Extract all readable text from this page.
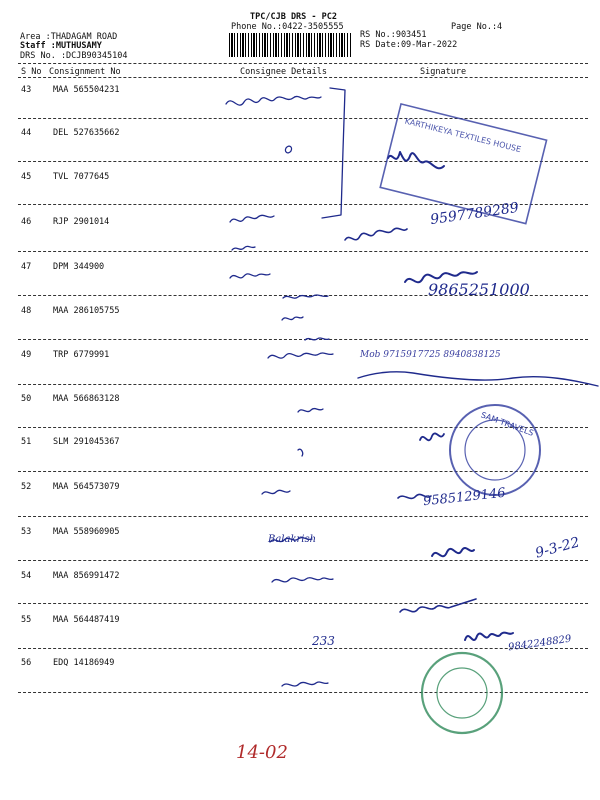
TPC/CJB DRS - PC2
Phone No.:0422-3505555
Area :THADAGAM ROAD
Staff :MUTHUSAMY
DRS No. :DCJB90345104
RS No.:903451
RS Date:09-Mar-2022
Page No.:4
S No Consignment No	Consignee Details	Signature
43	MAA 565504231
44	DEL 527635662
45	TVL 7077645
46	RJP 2901014
47	DPM 344900
48	MAA 286105755
49	TRP 6779991
50	MAA 566863128
51	SLM 291045367
52	MAA 564573079
53	MAA 558960905
54	MAA 856991472
55	MAA 564487419
56	EDQ 14186949
KARTHIKEYA TEXTILES HOUSE
SAM TRAVELS
9597789289
9865251000
Mob 9715917725 8940838125
9585129146
Balakrish	9-3-22
233	9842248829
14-02
